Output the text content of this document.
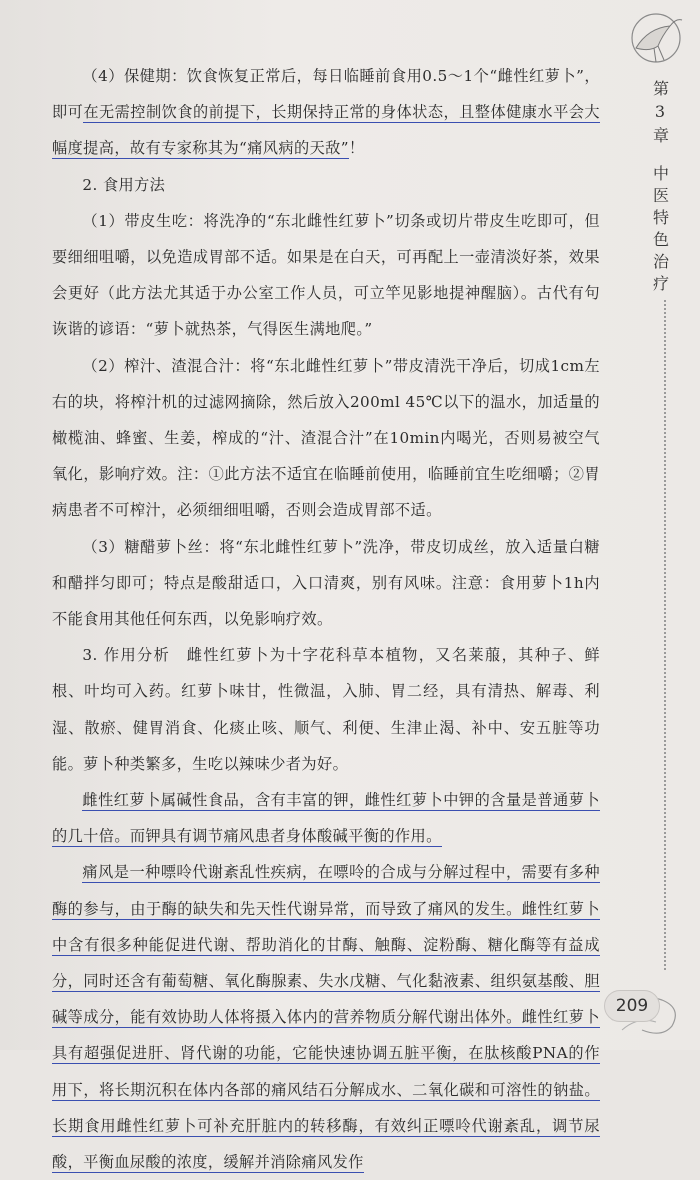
第3章
中医特色治疗

（4）保健期：饮食恢复正常后，每日临睡前食用0.5～1个“雌性红萝卜”，即可在无需控制饮食的前提下，长期保持正常的身体状态，且整体健康水平会大幅度提高，故有专家称其为“痛风病的天敌”！

2. 食用方法

（1）带皮生吃：将洗净的“东北雌性红萝卜”切条或切片带皮生吃即可，但要细细咀嚼，以免造成胃部不适。如果是在白天，可再配上一壶清淡好茶，效果会更好（此方法尤其适于办公室工作人员，可立竿见影地提神醒脑）。古代有句诙谐的谚语：“萝卜就热茶，气得医生满地爬。”

（2）榨汁、渣混合汁：将“东北雌性红萝卜”带皮清洗干净后，切成1cm左右的块，将榨汁机的过滤网摘除，然后放入200ml 45℃以下的温水，加适量的橄榄油、蜂蜜、生姜，榨成的“汁、渣混合汁”在10min内喝光，否则易被空气氧化，影响疗效。注：①此方法不适宜在临睡前使用，临睡前宜生吃细嚼；②胃病患者不可榨汁，必须细细咀嚼，否则会造成胃部不适。

（3）糖醋萝卜丝：将“东北雌性红萝卜”洗净，带皮切成丝，放入适量白糖和醋拌匀即可；特点是酸甜适口，入口清爽，别有风味。注意：食用萝卜1h内不能食用其他任何东西，以免影响疗效。

3. 作用分析　 雌性红萝卜为十字花科草本植物，又名莱菔，其种子、鲜根、叶均可入药。红萝卜味甘，性微温，入肺、胃二经，具有清热、解毒、利湿、散瘀、健胃消食、化痰止咳、顺气、利便、生津止渴、补中、安五脏等功能。萝卜种类繁多，生吃以辣味少者为好。

雌性红萝卜属碱性食品，含有丰富的钾，雌性红萝卜中钾的含量是普通萝卜的几十倍。而钾具有调节痛风患者身体酸碱平衡的作用。

痛风是一种嘌呤代谢紊乱性疾病，在嘌呤的合成与分解过程中，需要有多种酶的参与，由于酶的缺失和先天性代谢异常，而导致了痛风的发生。雌性红萝卜中含有很多种能促进代谢、帮助消化的甘酶、触酶、淀粉酶、糖化酶等有益成分，同时还含有葡萄糖、氧化酶腺素、失水戊糖、气化黏液素、组织氨基酸、胆碱等成分，能有效协助人体将摄入体内的营养物质分解代谢出体外。雌性红萝卜具有超强促进肝、肾代谢的功能，它能快速协调五脏平衡，在肽核酸PNA的作用下，将长期沉积在体内各部的痛风结石分解成水、二氧化碳和可溶性的钠盐。长期食用雌性红萝卜可补充肝脏内的转移酶，有效纠正嘌呤代谢紊乱，调节尿酸，平衡血尿酸的浓度，缓解并消除痛风发作

209
